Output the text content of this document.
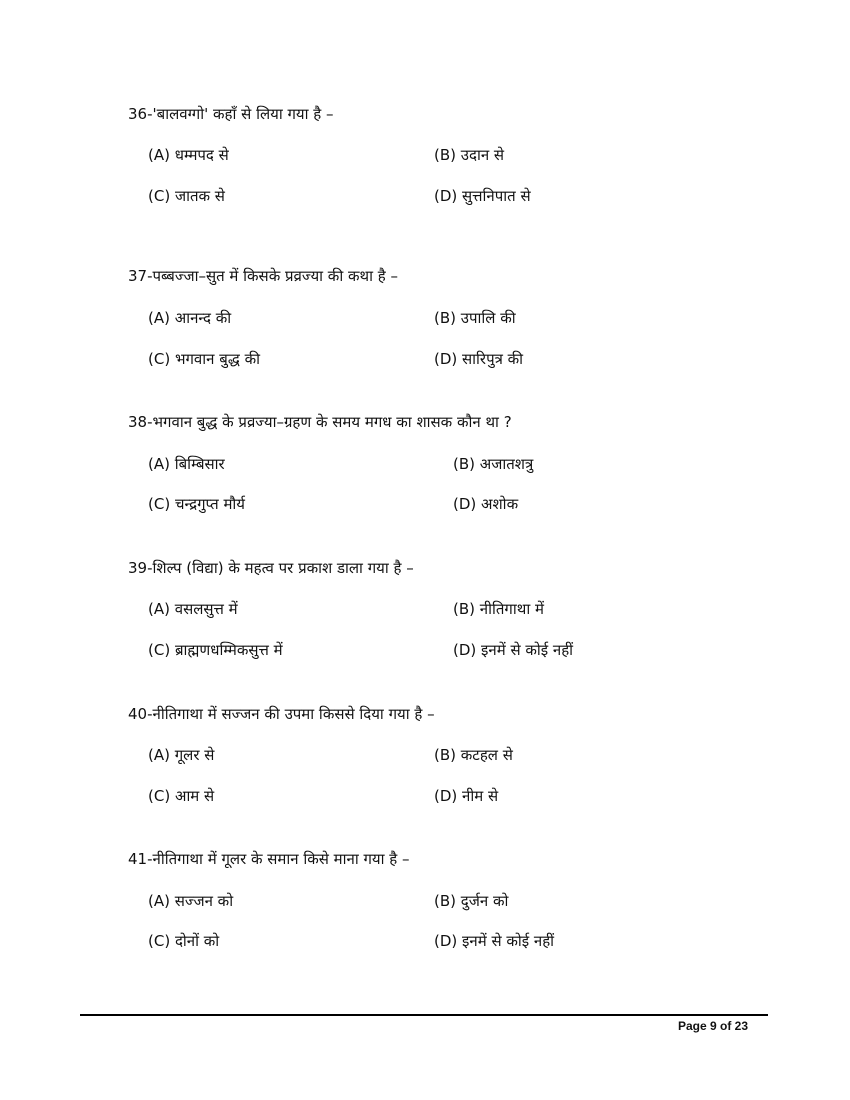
36-'बालवग्गो' कहाँ से लिया गया है –
(A) धम्मपद से	(B) उदान से
(C) जातक से	(D) सुत्तनिपात से
37-पब्बज्जा–सुत में किसके प्रव्रज्या की कथा है –
(A) आनन्द की	(B) उपालि की
(C) भगवान बुद्ध की	(D) सारिपुत्र की
38-भगवान बुद्ध के प्रव्रज्या–ग्रहण के समय मगध का शासक कौन था ?
(A) बिम्बिसार	(B) अजातशत्रु
(C) चन्द्रगुप्त मौर्य	(D) अशोक
39-शिल्प (विद्या) के महत्व पर प्रकाश डाला गया है –
(A) वसलसुत्त में	(B) नीतिगाथा में
(C) ब्राह्मणधम्मिकसुत्त में	(D) इनमें से कोई नहीं
40-नीतिगाथा में सज्जन की उपमा किससे दिया गया है –
(A) गूलर से	(B) कटहल से
(C) आम से	(D) नीम से
41-नीतिगाथा में गूलर के समान किसे माना गया है –
(A) सज्जन को	(B) दुर्जन को
(C) दोनों को	(D) इनमें से कोई नहीं
Page 9 of 23
